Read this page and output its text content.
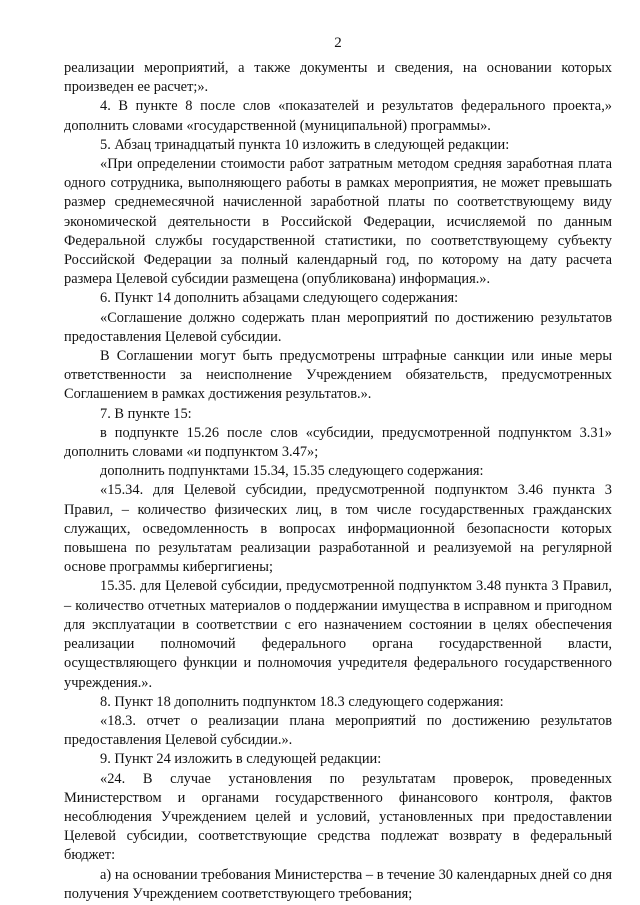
2

реализации мероприятий, а также документы и сведения, на основании которых произведен ее расчет;».

4. В пункте 8 после слов «показателей и результатов федерального проекта,» дополнить словами «государственной (муниципальной) программы».

5. Абзац тринадцатый пункта 10 изложить в следующей редакции:

«При определении стоимости работ затратным методом средняя заработная плата одного сотрудника, выполняющего работы в рамках мероприятия, не может превышать размер среднемесячной начисленной заработной платы по соответствующему виду экономической деятельности в Российской Федерации, исчисляемой по данным Федеральной службы государственной статистики, по соответствующему субъекту Российской Федерации за полный календарный год, по которому на дату расчета размера Целевой субсидии размещена (опубликована) информация.».

6. Пункт 14 дополнить абзацами следующего содержания:

«Соглашение должно содержать план мероприятий по достижению результатов предоставления Целевой субсидии.

В Соглашении могут быть предусмотрены штрафные санкции или иные меры ответственности за неисполнение Учреждением обязательств, предусмотренных Соглашением в рамках достижения результатов.».

7. В пункте 15:

в подпункте 15.26 после слов «субсидии, предусмотренной подпунктом 3.31» дополнить словами «и подпунктом 3.47»;

дополнить подпунктами 15.34, 15.35 следующего содержания:

«15.34. для Целевой субсидии, предусмотренной подпунктом 3.46 пункта 3 Правил, – количество физических лиц, в том числе государственных гражданских служащих, осведомленность в вопросах информационной безопасности которых повышена по результатам реализации разработанной и реализуемой на регулярной основе программы кибергигиены;

15.35. для Целевой субсидии, предусмотренной подпунктом 3.48 пункта 3 Правил, – количество отчетных материалов о поддержании имущества в исправном и пригодном для эксплуатации в соответствии с его назначением состоянии в целях обеспечения реализации полномочий федерального органа государственной власти, осуществляющего функции и полномочия учредителя федерального государственного учреждения.».

8. Пункт 18 дополнить подпунктом 18.3 следующего содержания:

«18.3. отчет о реализации плана мероприятий по достижению результатов предоставления Целевой субсидии.».

9. Пункт 24 изложить в следующей редакции:

«24. В случае установления по результатам проверок, проведенных Министерством и органами государственного финансового контроля, фактов несоблюдения Учреждением целей и условий, установленных при предоставлении Целевой субсидии, соответствующие средства подлежат возврату в федеральный бюджет:

а) на основании требования Министерства – в течение 30 календарных дней со дня получения Учреждением соответствующего требования;
